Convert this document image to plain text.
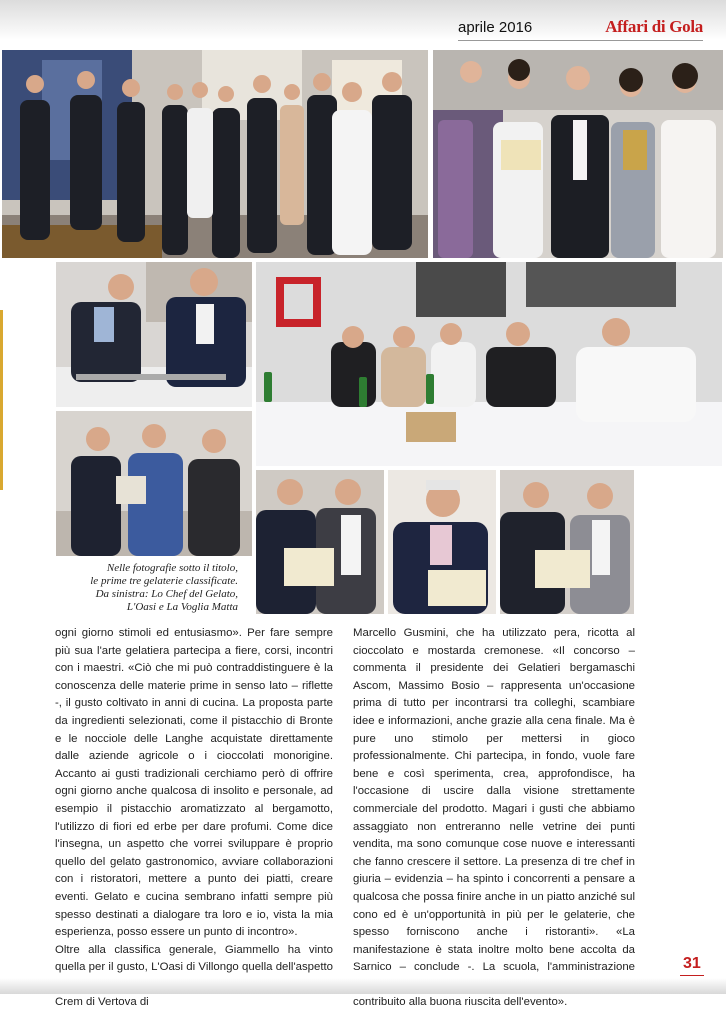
aprile 2016	Affari di Gola
Nelle fotografie sotto il titolo,
le prime tre gelaterie classificate.
Da sinistra: Lo Chef del Gelato,
L'Oasi e La Voglia Matta

ogni giorno stimoli ed entusiasmo». Per fare sempre più sua l'arte gelatiera partecipa a fiere, corsi, incontri con i maestri. «Ciò che mi può contraddistinguere è la conoscenza delle materie prime in senso lato – riflette -, il gusto coltivato in anni di cucina. La proposta parte da ingredienti selezionati, come il pistacchio di Bronte e le nocciole delle Langhe acquistate direttamente dalle aziende agricole o i cioccolati monorigine. Accanto ai gusti tradizionali cerchiamo però di offrire ogni giorno anche qualcosa di insolito e personale, ad esempio il pistacchio aromatizzato al bergamotto, l'utilizzo di fiori ed erbe per dare profumi. Come dice l'insegna, un aspetto che vorrei sviluppare è proprio quello del gelato gastronomico, avviare collaborazioni con i ristoratori, mettere a punto dei piatti, creare eventi. Gelato e cucina sembrano infatti sempre più spesso destinati a dialogare tra loro e io, vista la mia esperienza, posso essere un punto di incontro».

Oltre alla classifica generale, Giammello ha vinto quella per il gusto, L'Oasi di Villongo quella dell'aspetto Crem di Vertova di

Marcello Gusmini, che ha utilizzato pera, ricotta al cioccolato e mostarda cremonese. «Il concorso – commenta il presidente dei Gelatieri bergamaschi Ascom, Massimo Bosio – rappresenta un'occasione prima di tutto per incontrarsi tra colleghi, scambiare idee e informazioni, anche grazie alla cena finale. Ma è pure uno stimolo per mettersi in gioco professionalmente. Chi partecipa, in fondo, vuole fare bene e così sperimenta, crea, approfondisce, ha l'occasione di uscire dalla visione strettamente commerciale del prodotto. Magari i gusti che abbiamo assaggiato non entreranno nelle vetrine dei punti vendita, ma sono comunque cose nuove e interessanti che fanno crescere il settore. La presenza di tre chef in giuria – evidenzia – ha spinto i concorrenti a pensare a qualcosa che possa finire anche in un piatto anziché sul cono ed è un'opportunità in più per le gelaterie, che spesso forniscono anche i ristoranti». «La manifestazione è stata inoltre molto bene accolta da Sarnico – conclude -. La scuola, l'amministrazione contribuito alla buona riuscita dell'evento».

31
